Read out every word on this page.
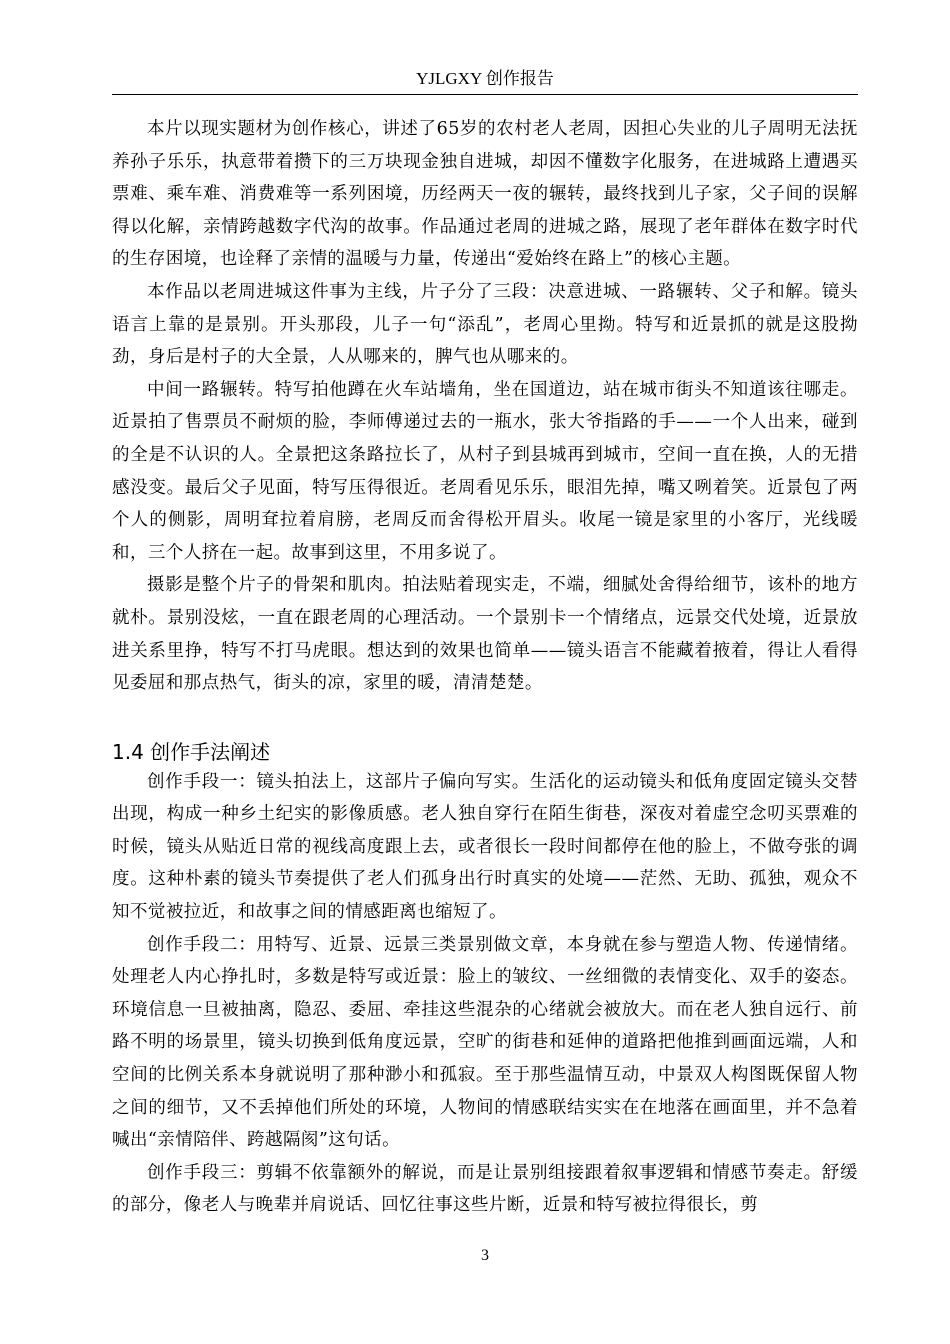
YJLGXY 创作报告

本片以现实题材为创作核心，讲述了65岁的农村老人老周，因担心失业的儿子周明无法抚养孙子乐乐，执意带着攒下的三万块现金独自进城，却因不懂数字化服务，在进城路上遭遇买票难、乘车难、消费难等一系列困境，历经两天一夜的辗转，最终找到儿子家，父子间的误解得以化解，亲情跨越数字代沟的故事。作品通过老周的进城之路，展现了老年群体在数字时代的生存困境，也诠释了亲情的温暖与力量，传递出“爱始终在路上”的核心主题。

本作品以老周进城这件事为主线，片子分了三段：决意进城、一路辗转、父子和解。镜头语言上靠的是景别。开头那段，儿子一句“添乱”，老周心里拗。特写和近景抓的就是这股拗劲，身后是村子的大全景，人从哪来的，脾气也从哪来的。

中间一路辗转。特写拍他蹲在火车站墙角，坐在国道边，站在城市街头不知道该往哪走。近景拍了售票员不耐烦的脸，李师傅递过去的一瓶水，张大爷指路的手——一个人出来，碰到的全是不认识的人。全景把这条路拉长了，从村子到县城再到城市，空间一直在换，人的无措感没变。最后父子见面，特写压得很近。老周看见乐乐，眼泪先掉，嘴又咧着笑。近景包了两个人的侧影，周明耷拉着肩膀，老周反而舍得松开眉头。收尾一镜是家里的小客厅，光线暖和，三个人挤在一起。故事到这里，不用多说了。

摄影是整个片子的骨架和肌肉。拍法贴着现实走，不端，细腻处舍得给细节，该朴的地方就朴。景别没炫，一直在跟老周的心理活动。一个景别卡一个情绪点，远景交代处境，近景放进关系里挣，特写不打马虎眼。想达到的效果也简单——镜头语言不能藏着掖着，得让人看得见委屈和那点热气，街头的凉，家里的暖，清清楚楚。

1.4 创作手法阐述

创作手段一：镜头拍法上，这部片子偏向写实。生活化的运动镜头和低角度固定镜头交替出现，构成一种乡土纪实的影像质感。老人独自穿行在陌生街巷，深夜对着虚空念叨买票难的时候，镜头从贴近日常的视线高度跟上去，或者很长一段时间都停在他的脸上，不做夸张的调度。这种朴素的镜头节奏提供了老人们孤身出行时真实的处境——茫然、无助、孤独，观众不知不觉被拉近，和故事之间的情感距离也缩短了。

创作手段二：用特写、近景、远景三类景别做文章，本身就在参与塑造人物、传递情绪。处理老人内心挣扎时，多数是特写或近景：脸上的皱纹、一丝细微的表情变化、双手的姿态。环境信息一旦被抽离，隐忍、委屈、牵挂这些混杂的心绪就会被放大。而在老人独自远行、前路不明的场景里，镜头切换到低角度远景，空旷的街巷和延伸的道路把他推到画面远端，人和空间的比例关系本身就说明了那种渺小和孤寂。至于那些温情互动，中景双人构图既保留人物之间的细节，又不丢掉他们所处的环境，人物间的情感联结实实在在地落在画面里，并不急着喊出“亲情陪伴、跨越隔阂”这句话。

创作手段三：剪辑不依靠额外的解说，而是让景别组接跟着叙事逻辑和情感节奏走。舒缓的部分，像老人与晚辈并肩说话、回忆往事这些片断，近景和特写被拉得很长，剪

3
